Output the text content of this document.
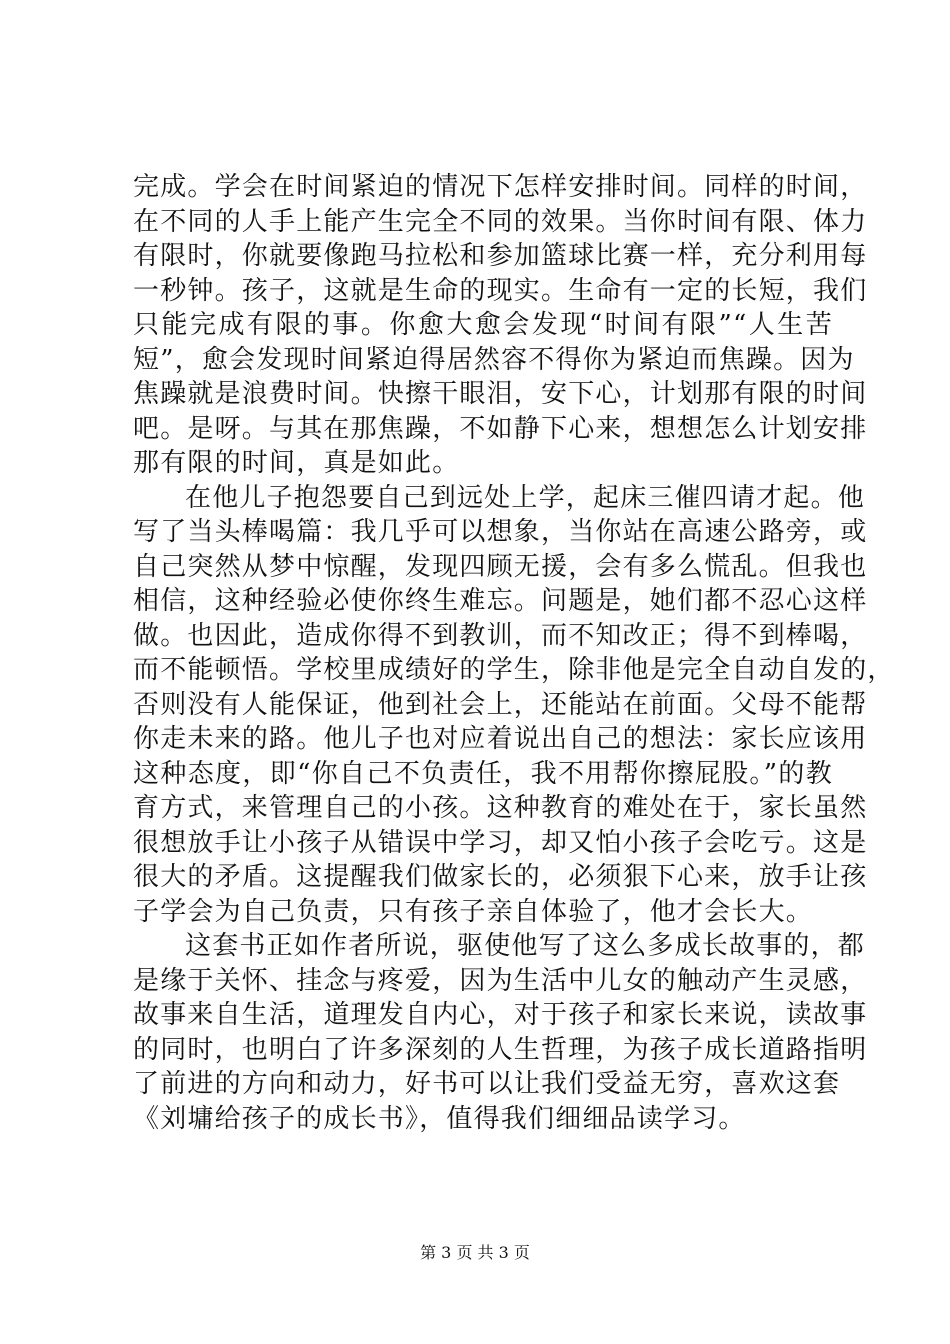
完成。学会在时间紧迫的情况下怎样安排时间。同样的时间，
在不同的人手上能产生完全不同的效果。当你时间有限、体力
有限时，你就要像跑马拉松和参加篮球比赛一样，充分利用每
一秒钟。孩子，这就是生命的现实。生命有一定的长短，我们
只能完成有限的事。你愈大愈会发现“时间有限”“人生苦
短”，愈会发现时间紧迫得居然容不得你为紧迫而焦躁。因为
焦躁就是浪费时间。快擦干眼泪，安下心，计划那有限的时间
吧。是呀。与其在那焦躁，不如静下心来，想想怎么计划安排
那有限的时间，真是如此。
在他儿子抱怨要自己到远处上学，起床三催四请才起。他
写了当头棒喝篇：我几乎可以想象，当你站在高速公路旁，或
自己突然从梦中惊醒，发现四顾无援，会有多么慌乱。但我也
相信，这种经验必使你终生难忘。问题是，她们都不忍心这样
做。也因此，造成你得不到教训，而不知改正；得不到棒喝，
而不能顿悟。学校里成绩好的学生，除非他是完全自动自发的，
否则没有人能保证，他到社会上，还能站在前面。父母不能帮
你走未来的路。他儿子也对应着说出自己的想法：家长应该用
这种态度，即“你自己不负责任，我不用帮你擦屁股。”的教
育方式，来管理自己的小孩。这种教育的难处在于，家长虽然
很想放手让小孩子从错误中学习，却又怕小孩子会吃亏。这是
很大的矛盾。这提醒我们做家长的，必须狠下心来，放手让孩
子学会为自己负责，只有孩子亲自体验了，他才会长大。
这套书正如作者所说，驱使他写了这么多成长故事的，都
是缘于关怀、挂念与疼爱，因为生活中儿女的触动产生灵感，
故事来自生活，道理发自内心，对于孩子和家长来说，读故事
的同时，也明白了许多深刻的人生哲理，为孩子成长道路指明
了前进的方向和动力，好书可以让我们受益无穷，喜欢这套
《刘墉给孩子的成长书》，值得我们细细品读学习。
第 3 页 共 3 页
